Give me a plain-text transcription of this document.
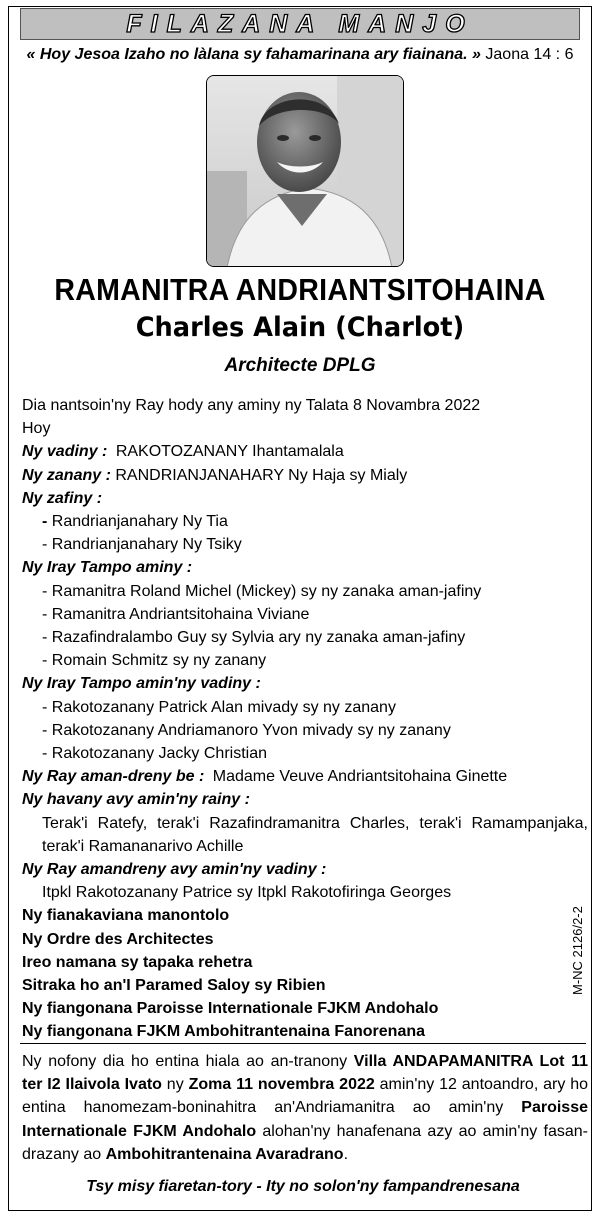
FILAZANA MANJO
« Hoy Jesoa Izaho no làlana sy fahamarinana ary fiainana. » Jaona 14 : 6
RAMANITRA ANDRIANTSITOHAINA
Charles Alain (Charlot)
Architecte DPLG
Dia nantsoin'ny Ray hody any aminy ny Talata 8 Novambra 2022
Hoy
Ny vadiny : RAKOTOZANANY Ihantamalala
Ny zanany : RANDRIANJANAHARY Ny Haja sy Mialy
Ny zafiny :
- Randrianjanahary Ny Tia
- Randrianjanahary Ny Tsiky
Ny Iray Tampo aminy :
- Ramanitra Roland Michel (Mickey) sy ny zanaka aman-jafiny
- Ramanitra Andriantsitohaina Viviane
- Razafindralambo Guy sy Sylvia ary ny zanaka aman-jafiny
- Romain Schmitz sy ny zanany
Ny Iray Tampo amin'ny vadiny :
- Rakotozanany Patrick Alan mivady sy ny zanany
- Rakotozanany Andriamanoro Yvon mivady sy ny zanany
- Rakotozanany Jacky Christian
Ny Ray aman-dreny be : Madame Veuve Andriantsitohaina Ginette
Ny havany avy amin'ny rainy :
Terak'i Ratefy, terak'i Razafindramanitra Charles, terak'i Ramampanjaka, terak'i Ramananarivo Achille
Ny Ray amandreny avy amin'ny vadiny :
Itpkl Rakotozanany Patrice sy Itpkl Rakotofiringa Georges
Ny fianakaviana manontolo
Ny Ordre des Architectes
Ireo namana sy tapaka rehetra
Sitraka ho an'I Paramed Saloy sy Ribien
Ny fiangonana Paroisse Internationale FJKM Andohalo
Ny fiangonana FJKM Ambohitrantenaina Fanorenana
M-NC 2126/2-2
Ny nofony dia ho entina hiala ao an-tranony Villa ANDAPAMANITRA Lot 11 ter I2 Ilaivola Ivato ny Zoma 11 novembra 2022 amin'ny 12 antoandro, ary ho entina hanomezam-boninahitra an'Andriamanitra ao amin'ny Paroisse Internationale FJKM Andohalo alohan'ny hanafenana azy ao amin'ny fasan-drazany ao Ambohitrantenaina Avaradrano.
Tsy misy fiaretan-tory - Ity no solon'ny fampandrenesana
